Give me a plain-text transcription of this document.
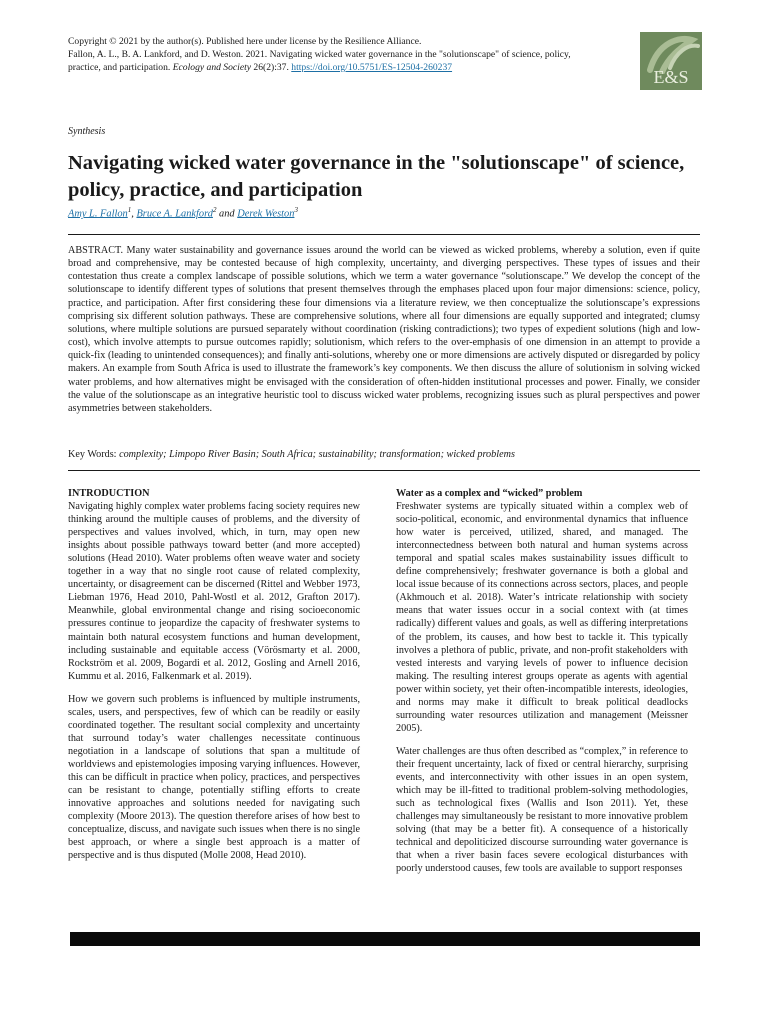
Copyright © 2021 by the author(s). Published here under license by the Resilience Alliance.
Fallon, A. L., B. A. Lankford, and D. Weston. 2021. Navigating wicked water governance in the "solutionscape" of science, policy,
practice, and participation. Ecology and Society 26(2):37. https://doi.org/10.5751/ES-12504-260237	E&S
Synthesis
Navigating wicked water governance in the "solutionscape" of science, policy, practice, and participation
Amy L. Fallon$^1$, Bruce A. Lankford$^2$ and Derek Weston$^3$

ABSTRACT. Many water sustainability and governance issues around the world can be viewed as wicked problems, whereby a solution, even if quite broad and comprehensive, may be contested because of high complexity, uncertainty, and diverging perspectives. These types of issues and their contestation thus create a complex landscape of possible solutions, which we term a water governance “solutionscape.” We develop the concept of the solutionscape to identify different types of solutions that present themselves through the emphases placed upon four major dimensions: science, policy, practice, and participation. After first considering these four dimensions via a literature review, we then conceptualize the solutionscape’s expressions comprising six different solution pathways. These are comprehensive solutions, where all four dimensions are equally supported and integrated; clumsy solutions, where multiple solutions are pursued separately without coordination (risking contradictions); two types of expedient solutions (high and low-cost), which involve attempts to pursue outcomes rapidly; solutionism, which refers to the over-emphasis of one dimension in an attempt to provide a quick-fix (leading to unintended consequences); and finally anti-solutions, whereby one or more dimensions are actively disputed or disregarded by policy makers. An example from South Africa is used to illustrate the framework’s key components. We then discuss the allure of solutionism in solving wicked water problems, and how alternatives might be envisaged with the consideration of often-hidden institutional processes and power. Finally, we consider the value of the solutionscape as an integrative heuristic tool to discuss wicked water problems, recognizing issues such as plural perspectives and power asymmetries between stakeholders.

Key Words: complexity; Limpopo River Basin; South Africa; sustainability; transformation; wicked problems
INTRODUCTION

Navigating highly complex water problems facing society requires new thinking around the multiple causes of problems, and the diversity of perspectives and values involved, which, in turn, may open new insights about possible pathways toward better (and more accepted) solutions (Head 2010). Water problems often weave water and society together in a way that no single root cause of related complexity, uncertainty, or disagreement can be discerned (Rittel and Webber 1973, Liebman 1976, Head 2010, Pahl-Wostl et al. 2012, Grafton 2017). Meanwhile, global environmental change and rising socioeconomic pressures continue to jeopardize the capacity of freshwater systems to maintain both natural ecosystem functions and human development, including sustainable and equitable access (Vörösmarty et al. 2000, Rockström et al. 2009, Bogardi et al. 2012, Gosling and Arnell 2016, Kummu et al. 2016, Falkenmark et al. 2019).

How we govern such problems is influenced by multiple instruments, scales, users, and perspectives, few of which can be readily or easily coordinated together. The resultant social complexity and uncertainty that surround today’s water challenges necessitate continuous negotiation in a landscape of solutions that span a multitude of worldviews and epistemologies imposing varying influences. However, this can be difficult in practice when policy, practices, and perspectives can be resistant to change, potentially stifling efforts to create innovative approaches and solutions needed for navigating such complexity (Moore 2013). The question therefore arises of how best to conceptualize, discuss, and navigate such issues when there is no single best approach, or where a single best approach is a matter of perspective and is thus disputed (Molle 2008, Head 2010).

Water as a complex and “wicked” problem

Freshwater systems are typically situated within a complex web of socio-political, economic, and environmental dynamics that influence how water is perceived, utilized, shared, and managed. The interconnectedness between both natural and human systems across temporal and spatial scales makes sustainability issues difficult to define comprehensively; freshwater governance is both a global and local issue because of its connections across sectors, places, and people (Akhmouch et al. 2018). Water’s intricate relationship with society means that water issues occur in a social context with (at times radically) different values and goals, as well as differing interpretations of the problem, its causes, and how best to tackle it. This typically involves a plethora of public, private, and non-profit stakeholders with vested interests and varying levels of power to influence decision making. The resulting interest groups operate as agents with agential power within society, yet their often-incompatible interests, ideologies, and norms may make it difficult to break political deadlocks surrounding water resources utilization and management (Meissner 2005).

Water challenges are thus often described as “complex,” in reference to their frequent uncertainty, lack of fixed or central hierarchy, surprising events, and interconnectivity with other issues in an open system, which may be ill-fitted to traditional problem-solving methodologies, such as technological fixes (Wallis and Ison 2011). Yet, these challenges may simultaneously be resistant to more innovative problem solving (that may be a better fit). A consequence of a historically technical and depoliticized discourse surrounding water governance is that when a river basin faces severe ecological disturbances with poorly understood causes, few tools are available to support responses
